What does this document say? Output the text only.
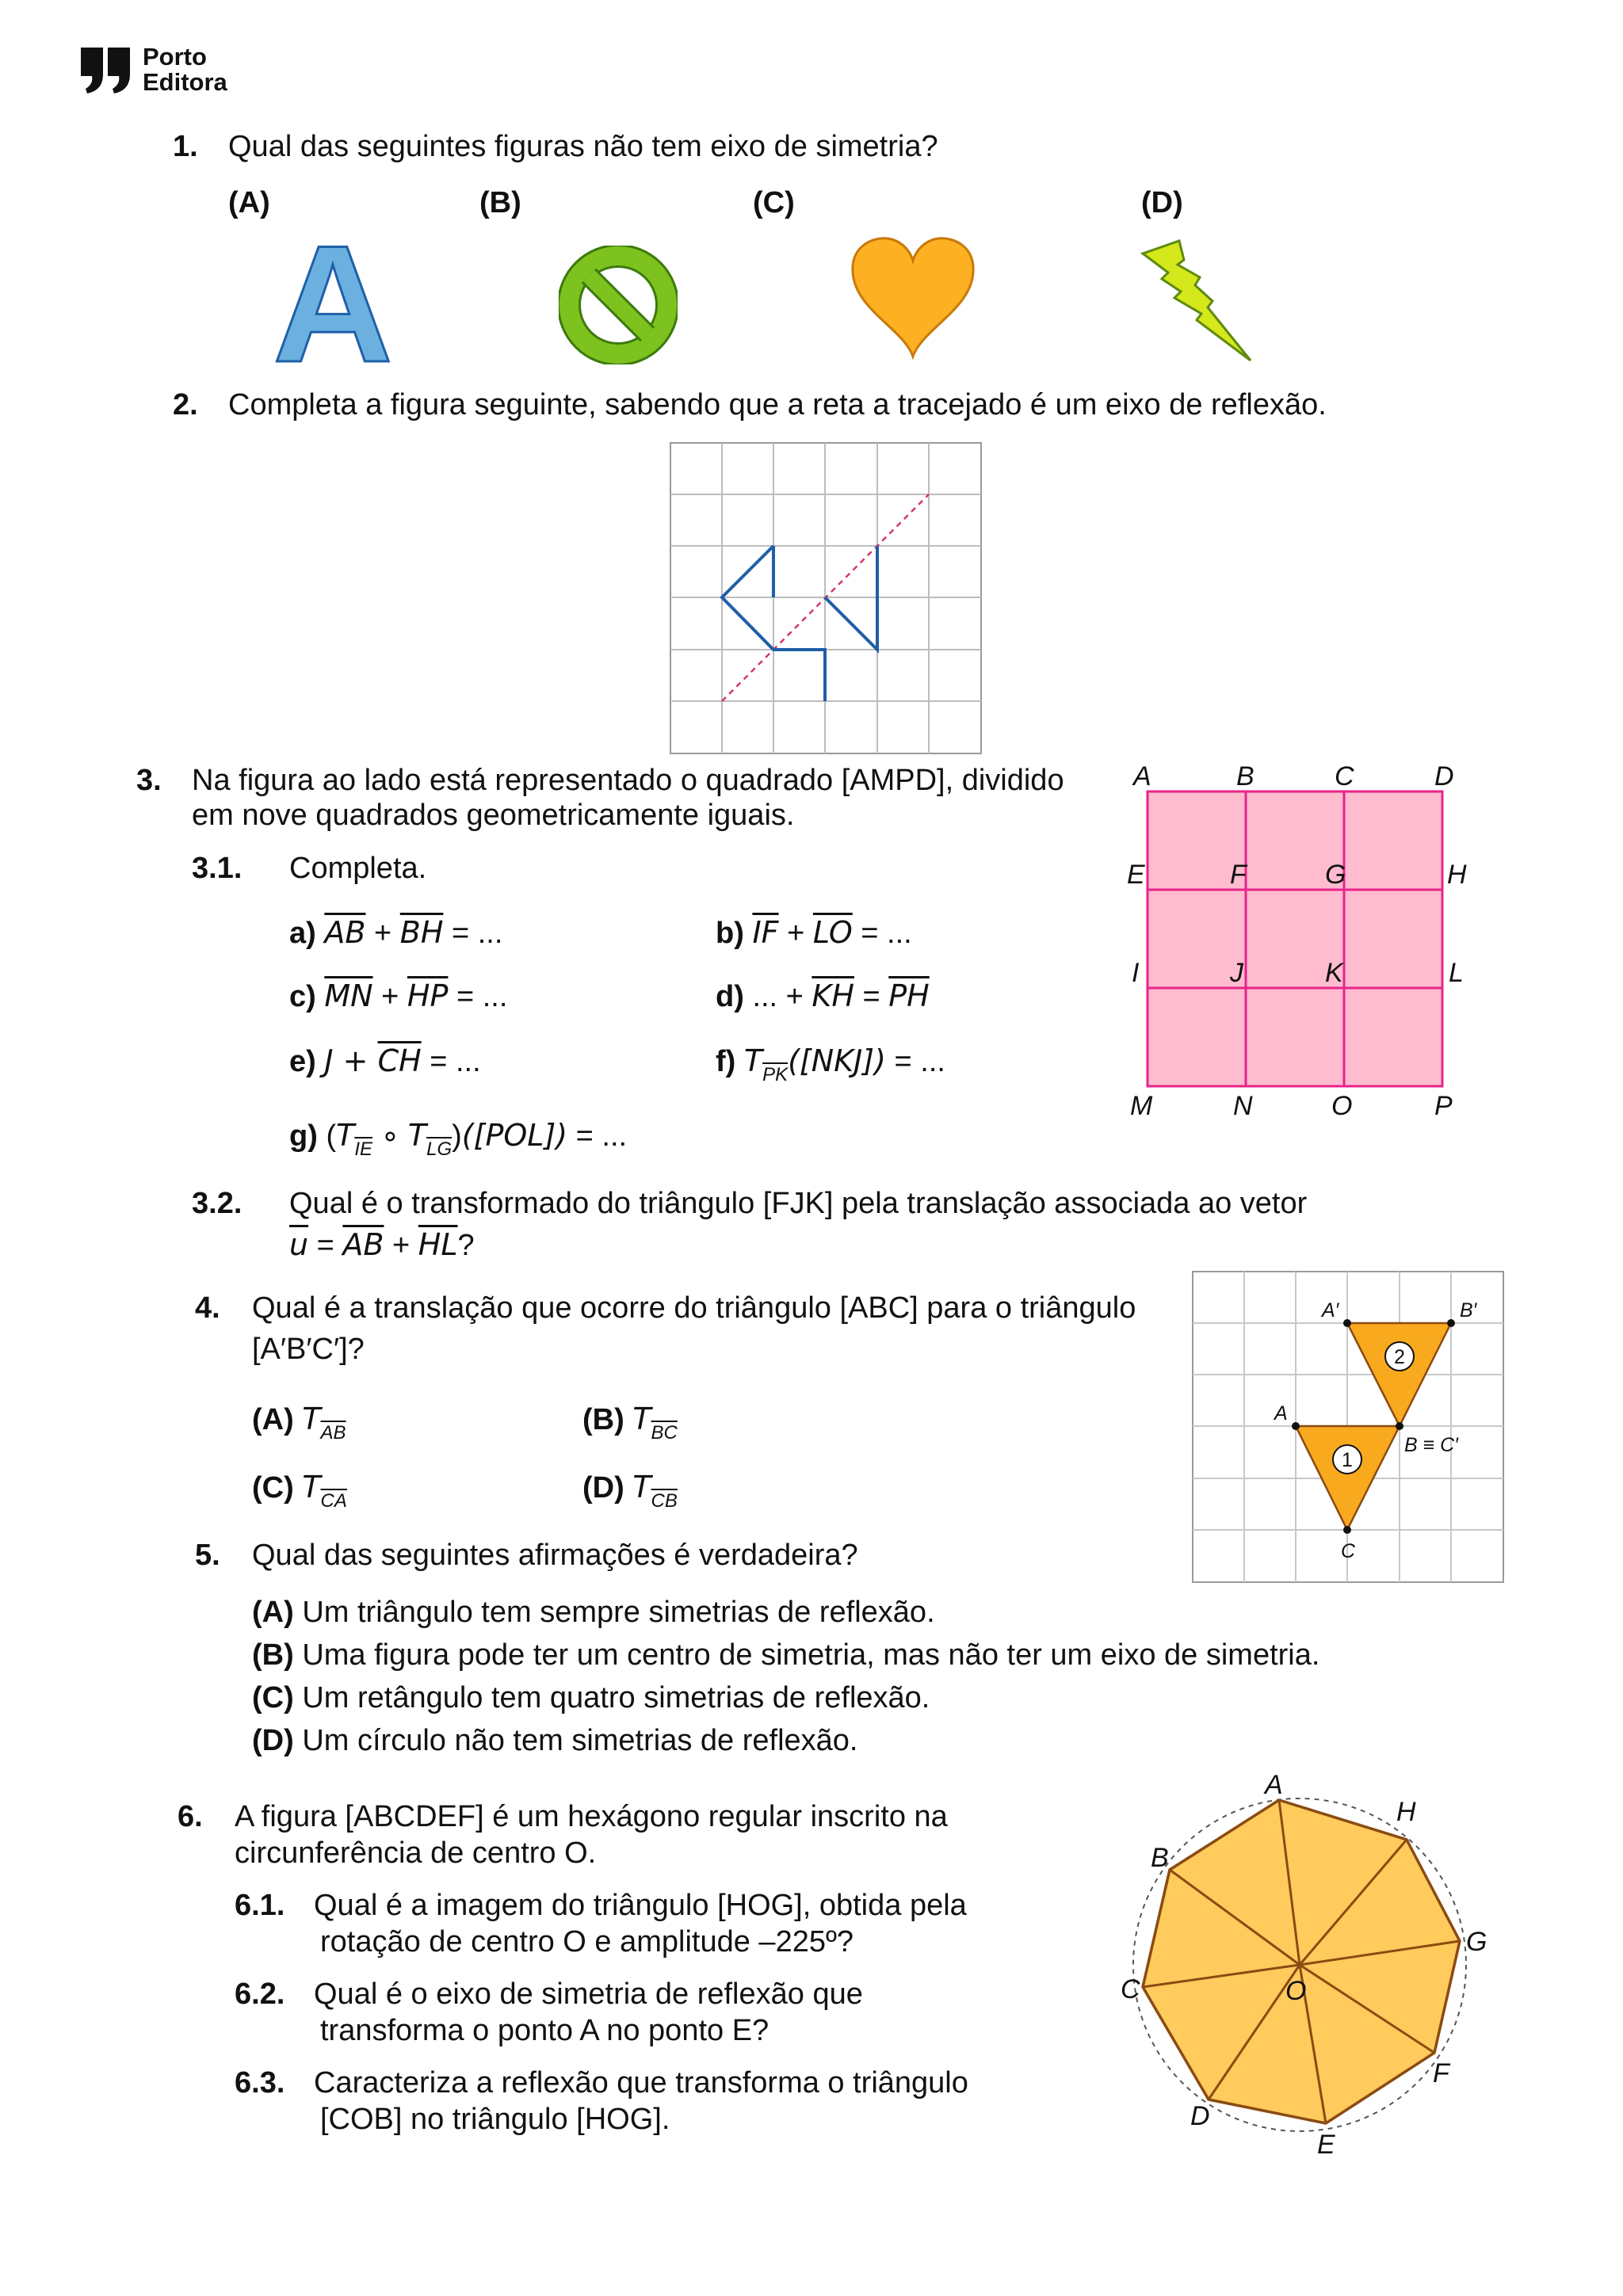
Porto
Editora
1. Qual das seguintes figuras não tem eixo de simetria?
(A)	(B)	(C)	(D)
A
2. Completa a figura seguinte, sabendo que a reta a tracejado é um eixo de reflexão.
3. Na figura ao lado está representado o quadrado [AMPD], dividido
em nove quadrados geometricamente iguais.
3.1. Completa.
a) $\overline{AB} + \overline{BH}$ = ...	b) $\overline{IF} + \overline{LO}$ = ...
c) $\overline{MN} + \overline{HP}$ = ...	d) ... + $\overline{KH} = \overline{PH}$
e) $J + \overline{CH}$ = ...	f) $T_{\overline{PK}}([NKJ])$ = ...
g) ($T_{\overline{IE}}$ ∘ $T_{\overline{LG}})([POL])$ = ...
3.2. Qual é o transformado do triângulo [FJK] pela translação associada ao vetor
$\overline{u} = \overline{AB} + \overline{HL}$?
A	B	C	D
E	F	G	H
I	J	K	L
M	N	O	P
4. Qual é a translação que ocorre do triângulo [ABC] para o triângulo
[A′B′C′]?
(A) $T_{\overline{AB}}$	(B) $T_{\overline{BC}}$
(C) $T_{\overline{CA}}$	(D) $T_{\overline{CB}}$
1
2
A′	B′
A
B ≡ C′
C
5. Qual das seguintes afirmações é verdadeira?
(A) Um triângulo tem sempre simetrias de reflexão.
(B) Uma figura pode ter um centro de simetria, mas não ter um eixo de simetria.
(C) Um retângulo tem quatro simetrias de reflexão.
(D) Um círculo não tem simetrias de reflexão.
6. A figura [ABCDEF] é um hexágono regular inscrito na
circunferência de centro O.
6.1. Qual é a imagem do triângulo [HOG], obtida pela
rotação de centro O e amplitude –225º?
6.2. Qual é o eixo de simetria de reflexão que
transforma o ponto A no ponto E?
6.3. Caracteriza a reflexão que transforma o triângulo
[COB] no triângulo [HOG].
A
H
G
F
E
D
C
B
O
